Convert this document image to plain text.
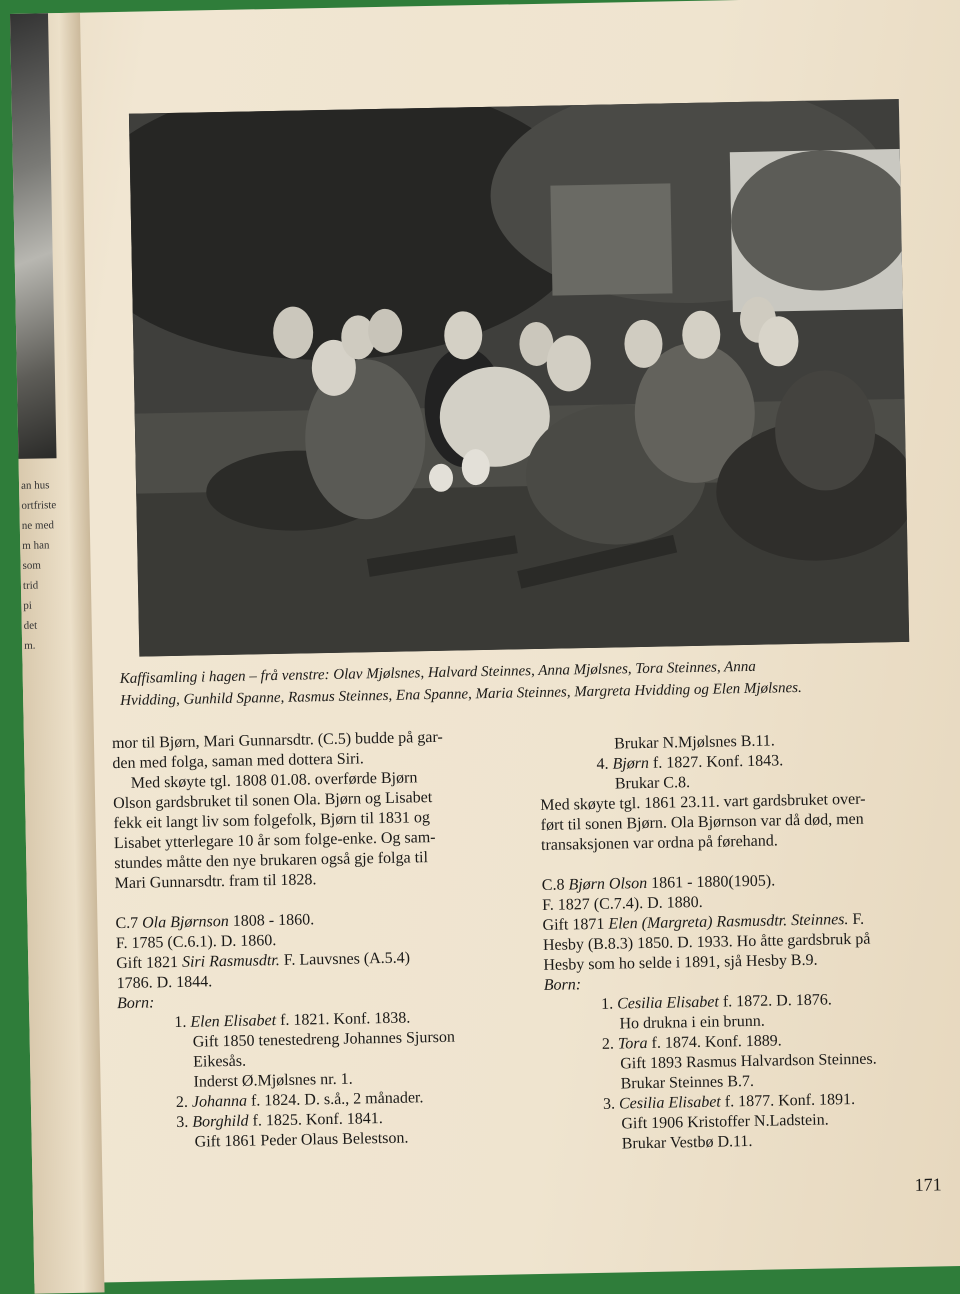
an hus
ortfriste
ne med
m han
som
trid
pi
det
m.
Kaffisamling i hagen – frå venstre: Olav Mjølsnes, Halvard Steinnes, Anna Mjølsnes, Tora Steinnes, Anna
Hvidding, Gunhild Spanne, Rasmus Steinnes, Ena Spanne, Maria Steinnes, Margreta Hvidding og Elen Mjølsnes.
mor til Bjørn, Mari Gunnarsdtr. (C.5) budde på gar-
den med folga, saman med dottera Siri.
Med skøyte tgl. 1808 01.08. overførde Bjørn
Olson gardsbruket til sonen Ola. Bjørn og Lisabet
fekk eit langt liv som folgefolk, Bjørn til 1831 og
Lisabet ytterlegare 10 år som folge-enke. Og sam-
stundes måtte den nye brukaren også gje folga til
Mari Gunnarsdtr. fram til 1828.
C.7 Ola Bjørnson 1808 - 1860.
F. 1785 (C.6.1). D. 1860.
Gift 1821 Siri Rasmusdtr. F. Lauvsnes (A.5.4)
1786. D. 1844.
Born:
1. Elen Elisabet f. 1821. Konf. 1838.
Gift 1850 tenestedreng Johannes Sjurson
Eikesås.
Inderst Ø.Mjølsnes nr. 1.
2. Johanna f. 1824. D. s.å., 2 månader.
3. Borghild f. 1825. Konf. 1841.
Gift 1861 Peder Olaus Belestson.
Brukar N.Mjølsnes B.11.
4. Bjørn f. 1827. Konf. 1843.
Brukar C.8.
Med skøyte tgl. 1861 23.11. vart gardsbruket over-
ført til sonen Bjørn. Ola Bjørnson var då død, men
transaksjonen var ordna på førehand.
C.8 Bjørn Olson 1861 - 1880(1905).
F. 1827 (C.7.4). D. 1880.
Gift 1871 Elen (Margreta) Rasmusdtr. Steinnes. F.
Hesby (B.8.3) 1850. D. 1933. Ho åtte gardsbruk på
Hesby som ho selde i 1891, sjå Hesby B.9.
Born:
1. Cesilia Elisabet f. 1872. D. 1876.
Ho drukna i ein brunn.
2. Tora f. 1874. Konf. 1889.
Gift 1893 Rasmus Halvardson Steinnes.
Brukar Steinnes B.7.
3. Cesilia Elisabet f. 1877. Konf. 1891.
Gift 1906 Kristoffer N.Ladstein.
Brukar Vestbø D.11.
171
